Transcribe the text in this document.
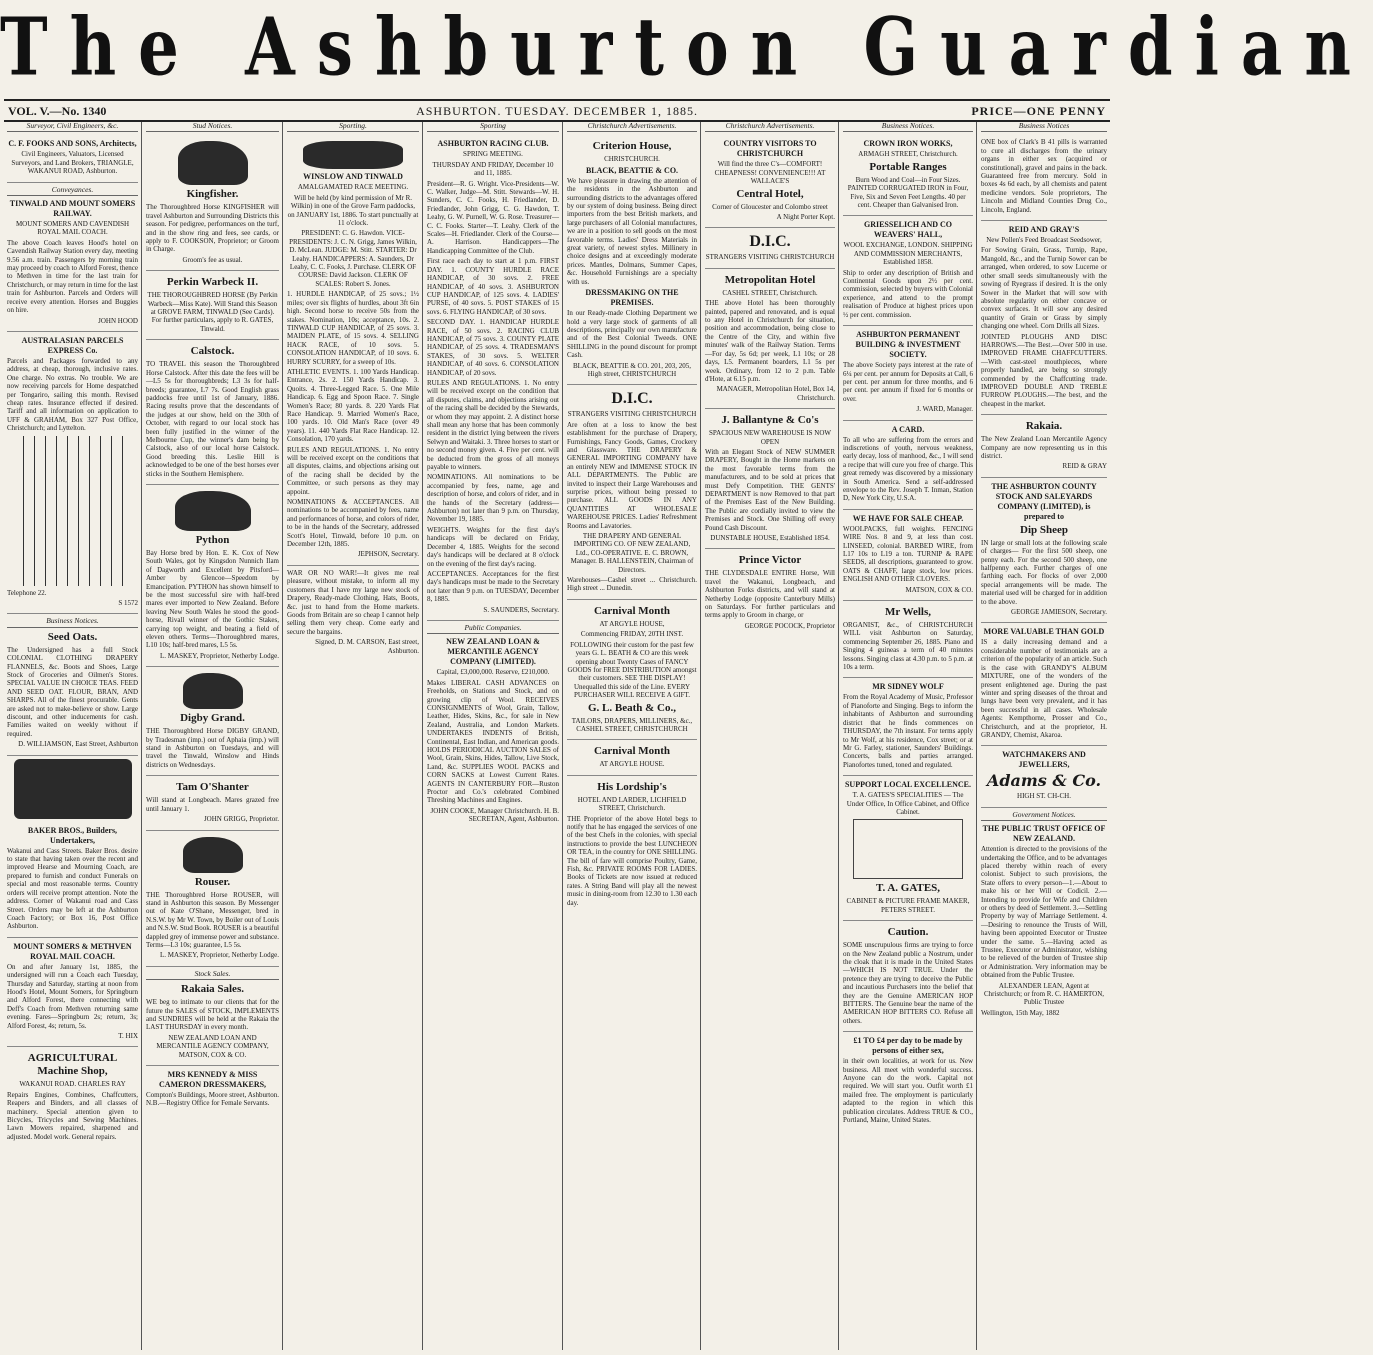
The Ashburton Guardian
ASHBURTON. TUESDAY. DECEMBER 1, 1885.
VOL. V.—No. 1340	PRICE—ONE PENNY
Surveyor, Civil Engineers, &c.
C. F. FOOKS AND SONS, Architects,

Civil Engineers, Valuators, Licensed Surveyors, and Land Brokers, TRIANGLE, WAKANUI ROAD, Ashburton.

Conveyances.
TINWALD AND MOUNT SOMERS RAILWAY.

MOUNT SOMERS AND CAVENDISH ROYAL MAIL COACH.

The above Coach leaves Hood's hotel on Cavendish Railway Station every day, meeting 9.56 a.m. train. Passengers by morning train may proceed by coach to Alford Forest, thence to Methven in time for the last train for Christchurch, or may return in time for the last train for Ashburton. Parcels and Orders will receive every attention. Horses and Buggies on hire.

JOHN HOOD

AUSTRALASIAN PARCELS EXPRESS Co.

Parcels and Packages forwarded to any address, at cheap, thorough, inclusive rates. One charge. No extras. No trouble. We are now receiving parcels for Home despatched per Tongariro, sailing this month. Revised cheap rates. Insurance effected if desired. Tariff and all information on application to UFF & GRAHAM, Box 327 Post Office, Christchurch; and Lyttelton.

Telephone 22.

S 1572

Business Notices.
Seed Oats.

The Undersigned has a full Stock COLONIAL CLOTHING DRAPERY FLANNELS, &c. Boots and Shoes, Large Stock of Groceries and Oilmen's Stores. SPECIAL VALUE IN CHOICE TEAS. FEED AND SEED OAT. FLOUR, BRAN, AND SHARPS. All of the finest procurable. Gents are asked not to make-believe or show. Large discount, and other inducements for cash. Families waited on weekly without if required.

D. WILLIAMSON, East Street, Ashburton

BAKER BROS., Builders, Undertakers,

Wakanui and Cass Streets. Baker Bros. desire to state that having taken over the recent and improved Hearse and Mourning Coach, are prepared to furnish and conduct Funerals on special and most reasonable terms. Country orders will receive prompt attention. Note the address. Corner of Wakanui road and Cass Street. Orders may be left at the Ashburton Coach Factory; or Box 16, Post Office Ashburton.

MOUNT SOMERS & METHVEN ROYAL MAIL COACH.

On and after January 1st, 1885, the undersigned will run a Coach each Tuesday, Thursday and Saturday, starting at noon from Hood's Hotel, Mount Somers, for Springburn and Alford Forest, there connecting with Deff's Coach from Methven returning same evening. Fares—Springburn 2s; return, 3s; Alford Forest, 4s; return, 5s.

T. HIX

AGRICULTURAL Machine Shop,

WAKANUI ROAD. CHARLES RAY

Repairs Engines, Combines, Chaffcutters, Reapers and Binders, and all classes of machinery. Special attention given to Bicycles, Tricycles and Sewing Machines. Lawn Mowers repaired, sharpened and adjusted. Model work. General repairs.

Stud Notices.
Kingfisher.

The Thoroughbred Horse KINGFISHER will travel Ashburton and Surrounding Districts this season. For pedigree, performances on the turf, and in the show ring and fees, see cards, or apply to F. COOKSON, Proprietor; or Groom in Charge.

Groom's fee as usual.

Perkin Warbeck II.

THE THOROUGHBRED HORSE (By Perkin Warbeck—Miss Kate). Will Stand this Season at GROVE FARM, TINWALD (See Cards). For further particulars, apply to R. GATES, Tinwald.

Calstock.

TO TRAVEL this season the Thoroughbred Horse Calstock. After this date the fees will be—L5 5s for thoroughbreds; L3 3s for half-breeds; guarantee, L7 7s. Good English grass paddocks free until 1st of January, 1886. Racing results prove that the descendants of the judges at our show, held on the 30th of October, with regard to our local stock has been fully justified in the winner of the Melbourne Cup, the winner's dam being by Calstock, also of our local horse Calstock. Good breeding this. Leslie Hill is acknowledged to be one of the best horses ever sticks in the Southern Hemisphere.

Python

Bay Horse bred by Hon. E. K. Cox of New South Wales, got by Kingsdon Nunnich Ilam of Dagworth and Excellent by Pitsford—Amber by Glencoe—Speedom by Emancipation. PYTHON has shown himself to be the most successful sire with half-bred mares ever imported to New Zealand. Before leaving New South Wales he stood the good-horse, Rivall winner of the Gothic Stakes, carrying top weight, and beating a field of eleven others. Terms—Thoroughbred mares, L10 10s; half-bred mares, L5 5s.

L. MASKEY, Proprietor, Netherby Lodge.

Digby Grand.

THE Thoroughbred Horse DIGBY GRAND, by Tradesman (imp.) out of Aphaia (imp.) will stand in Ashburton on Tuesdays, and will travel the Tinwald, Winslow and Hinds districts on Wednesdays.

Tam O'Shanter

Will stand at Longbeach. Mares grazed free until January 1.

JOHN GRIGG, Proprietor.

Rouser.

THE Thoroughbred Horse ROUSER, will stand in Ashburton this season. By Messenger out of Kate O'Shane, Messenger, bred in N.S.W. by Mr W. Town, by Boiler out of Louis and N.S.W. Stud Book. ROUSER is a beautiful dappled grey of immense power and substance. Terms—L3 10s; guarantee, L5 5s.

L. MASKEY, Proprietor, Netherby Lodge.

Stock Sales.
Rakaia Sales.

WE beg to intimate to our clients that for the future the SALES of STOCK, IMPLEMENTS and SUNDRIES will be held at the Rakaia the LAST THURSDAY in every month.

NEW ZEALAND LOAN AND MERCANTILE AGENCY COMPANY, MATSON, COX & CO.

MRS KENNEDY & MISS CAMERON DRESSMAKERS,

Compton's Buildings, Moore street, Ashburton. N.B.—Registry Office for Female Servants.

Sporting.
WINSLOW AND TINWALD

AMALGAMATED RACE MEETING.

Will be held (by kind permission of Mr R. Wilkin) in one of the Grove Farm paddocks, on JANUARY 1st, 1886. To start punctually at 11 o'clock.

PRESIDENT: C. G. Hawdon. VICE-PRESIDENTS: J. C. N. Grigg, James Wilkin, D. McLean. JUDGE: M. Stitt. STARTER: Dr Leahy. HANDICAPPERS: A. Saunders, Dr Leahy, C. C. Fooks, J. Purchase. CLERK OF COURSE: David Jackson. CLERK OF SCALES: Robert S. Jones.

1. HURDLE HANDICAP, of 25 sovs.; 1½ miles; over six flights of hurdles, about 3ft 6in high. Second horse to receive 50s from the stakes. Nomination, 10s; acceptance, 10s. 2. TINWALD CUP HANDICAP, of 25 sovs. 3. MAIDEN PLATE, of 15 sovs. 4. SELLING HACK RACE, of 10 sovs. 5. CONSOLATION HANDICAP, of 10 sovs. 6. HURRY SCURRY, for a sweep of 10s.

ATHLETIC EVENTS. 1. 100 Yards Handicap. Entrance, 2s. 2. 150 Yards Handicap. 3. Quoits. 4. Three-Legged Race. 5. One Mile Handicap. 6. Egg and Spoon Race. 7. Single Women's Race; 80 yards. 8. 220 Yards Flat Race Handicap. 9. Married Women's Race, 100 yards. 10. Old Man's Race (over 49 years). 11. 440 Yards Flat Race Handicap. 12. Consolation, 170 yards.

RULES AND REGULATIONS. 1. No entry will be received except on the conditions that all disputes, claims, and objections arising out of the racing shall be decided by the Committee, or such persons as they may appoint.

NOMINATIONS & ACCEPTANCES. All nominations to be accompanied by fees, name and performances of horse, and colors of rider, to be in the hands of the Secretary, addressed Scott's Hotel, Tinwald, before 10 p.m. on December 12th, 1885.

JEPHSON, Secretary.

WAR OR NO WAR!—It gives me real pleasure, without mistake, to inform all my customers that I have my large new stock of Drapery, Ready-made Clothing, Hats, Boots, &c. just to hand from the Home markets. Goods from Britain are so cheap I cannot help selling them very cheap. Come early and secure the bargains.

Signed, D. M. CARSON, East street, Ashburton.

Sporting
ASHBURTON RACING CLUB.

SPRING MEETING.

THURSDAY AND FRIDAY, December 10 and 11, 1885.

President—R. G. Wright. Vice-Presidents—W. C. Walker, Judge—M. Stitt. Stewards—W. H. Sunders, C. C. Fooks, H. Friedlander, D. Friedlander, John Grigg, C. G. Hawdon, T. Leahy, G. W. Purnell, W. G. Rose. Treasurer—C. C. Fooks. Starter—T. Leahy. Clerk of the Scales—H. Friedlander. Clerk of the Course—A. Harrison. Handicappers—The Handicapping Committee of the Club.

First race each day to start at 1 p.m. FIRST DAY. 1. COUNTY HURDLE RACE HANDICAP, of 30 sovs. 2. FREE HANDICAP, of 40 sovs. 3. ASHBURTON CUP HANDICAP, of 125 sovs. 4. LADIES' PURSE, of 40 sovs. 5. POST STAKES of 15 sovs. 6. FLYING HANDICAP, of 30 sovs.

SECOND DAY. 1. HANDICAP HURDLE RACE, of 50 sovs. 2. RACING CLUB HANDICAP, of 75 sovs. 3. COUNTY PLATE HANDICAP, of 25 sovs. 4. TRADESMAN'S STAKES, of 30 sovs. 5. WELTER HANDICAP, of 40 sovs. 6. CONSOLATION HANDICAP, of 20 sovs.

RULES AND REGULATIONS. 1. No entry will be received except on the condition that all disputes, claims, and objections arising out of the racing shall be decided by the Stewards, or whom they may appoint. 2. A distinct horse shall mean any horse that has been commonly resident in the district lying between the rivers Selwyn and Waitaki. 3. Three horses to start or no second money given. 4. Five per cent. will be deducted from the gross of all moneys payable to winners.

NOMINATIONS. All nominations to be accompanied by fees, name, age and description of horse, and colors of rider, and in the hands of the Secretary (address—Ashburton) not later than 9 p.m. on Thursday, November 19, 1885.

WEIGHTS. Weights for the first day's handicaps will be declared on Friday, December 4, 1885. Weights for the second day's handicaps will be declared at 8 o'clock on the evening of the first day's racing.

ACCEPTANCES. Acceptances for the first day's handicaps must be made to the Secretary not later than 9 p.m. on TUESDAY, December 8, 1885.

S. SAUNDERS, Secretary.

Public Companies.
NEW ZEALAND LOAN & MERCANTILE AGENCY COMPANY (LIMITED).

Capital, £3,000,000. Reserve, £210,000.

Makes LIBERAL CASH ADVANCES on Freeholds, on Stations and Stock, and on growing clip of Wool. RECEIVES CONSIGNMENTS of Wool, Grain, Tallow, Leather, Hides, Skins, &c., for sale in New Zealand, Australia, and London Markets. UNDERTAKES INDENTS of British, Continental, East Indian, and American goods. HOLDS PERIODICAL AUCTION SALES of Wool, Grain, Skins, Hides, Tallow, Live Stock, Land, &c. SUPPLIES WOOL PACKS and CORN SACKS at Lowest Current Rates. AGENTS IN CANTERBURY FOR—Ruston Proctor and Co.'s celebrated Combined Threshing Machines and Engines.

JOHN COOKE, Manager Christchurch. H. B. SECRETAN, Agent, Ashburton.

Christchurch Advertisements.
Criterion House,

CHRISTCHURCH.

BLACK, BEATTIE & CO.

We have pleasure in drawing the attention of the residents in the Ashburton and surrounding districts to the advantages offered by our system of doing business. Being direct importers from the best British markets, and large purchasers of all Colonial manufactures, we are in a position to sell goods on the most favorable terms. Ladies' Dress Materials in great variety, of newest styles. Millinery in choice designs and at exceedingly moderate prices. Mantles, Dolmans, Summer Capes, &c. Household Furnishings are a specialty with us.

DRESSMAKING ON THE PREMISES.

In our Ready-made Clothing Department we hold a very large stock of garments of all descriptions, principally our own manufacture and of the Best Colonial Tweeds. ONE SHILLING in the pound discount for prompt Cash.

BLACK, BEATTIE & CO. 201, 203, 205, High street, CHRISTCHURCH

D.I.C.

STRANGERS VISITING CHRISTCHURCH

Are often at a loss to know the best establishment for the purchase of Drapery, Furnishings, Fancy Goods, Games, Crockery and Glassware. THE DRAPERY & GENERAL IMPORTING COMPANY have an entirely NEW and IMMENSE STOCK IN ALL DEPARTMENTS. The Public are invited to inspect their Large Warehouses and surprise prices, without being pressed to purchase. ALL GOODS IN ANY QUANTITIES AT WHOLESALE WAREHOUSE PRICES. Ladies' Refreshment Rooms and Lavatories.

THE DRAPERY AND GENERAL IMPORTING CO. OF NEW ZEALAND, Ltd., CO-OPERATIVE. E. C. BROWN, Manager. B. HALLENSTEIN, Chairman of Directors.

Warehouses—Cashel street ... Christchurch. High street ... Dunedin.

Carnival Month

AT ARGYLE HOUSE,

Commencing FRIDAY, 20TH INST.

FOLLOWING their custom for the past few years G. L. BEATH & CO are this week opening about Twenty Cases of FANCY GOODS for FREE DISTRIBUTION amongst their customers. SEE THE DISPLAY! Unequalled this side of the Line. EVERY PURCHASER WILL RECEIVE A GIFT.

G. L. Beath & Co.,

TAILORS, DRAPERS, MILLINERS, &c., CASHEL STREET, CHRISTCHURCH

Carnival Month

AT ARGYLE HOUSE.

His Lordship's

HOTEL AND LARDER, LICHFIELD STREET, Christchurch.

THE Proprietor of the above Hotel begs to notify that he has engaged the services of one of the best Chefs in the colonies, with special instructions to provide the best LUNCHEON OR TEA, in the country for ONE SHILLING. The bill of fare will comprise Poultry, Game, Fish, &c. PRIVATE ROOMS FOR LADIES. Books of Tickets are now issued at reduced rates. A String Band will play all the newest music in dining-room from 12.30 to 1.30 each day.

Christchurch Advertisements.
COUNTRY VISITORS TO CHRISTCHURCH

Will find the three C's—COMFORT! CHEAPNESS! CONVENIENCE!!! AT WALLACE'S

Central Hotel,

Corner of Gloucester and Colombo street

A Night Porter Kept.

D.I.C.

STRANGERS VISITING CHRISTCHURCH

Metropolitan Hotel

CASHEL STREET, Christchurch.

THE above Hotel has been thoroughly painted, papered and renovated, and is equal to any Hotel in Christchurch for situation, position and accommodation, being close to the Centre of the City, and within five minutes' walk of the Railway Station. Terms—For day, 5s 6d; per week, L1 10s; or 28 days, L5. Permanent boarders, L1 5s per week. Ordinary, from 12 to 2 p.m. Table d'Hote, at 6.15 p.m.

MANAGER, Metropolitan Hotel, Box 14, Christchurch.

J. Ballantyne & Co's

SPACIOUS NEW WAREHOUSE IS NOW OPEN

With an Elegant Stock of NEW SUMMER DRAPERY, Bought in the Home markets on the most favorable terms from the manufacturers, and to be sold at prices that must Defy Competition. THE GENTS' DEPARTMENT is now Removed to that part of the Premises East of the New Building. The Public are cordially invited to view the Premises and Stock. One Shilling off every Pound Cash Discount.

DUNSTABLE HOUSE, Established 1854.

Prince Victor

THE CLYDESDALE ENTIRE Horse, Will travel the Wakanui, Longbeach, and Ashburton Forks districts, and will stand at Netherby Lodge (opposite Canterbury Mills) on Saturdays. For further particulars and terms apply to Groom in charge, or

GEORGE POCOCK, Proprietor

Business Notices.
CROWN IRON WORKS,

ARMAGH STREET, Christchurch.

Portable Ranges

Burn Wood and Coal—in Four Sizes. PAINTED CORRUGATED IRON in Four, Five, Six and Seven Feet Lengths. 40 per cent. Cheaper than Galvanised Iron.

GRIESSELICH AND CO WEAVERS' HALL,

WOOL EXCHANGE, LONDON. SHIPPING AND COMMISSION MERCHANTS, Established 1858.

Ship to order any description of British and Continental Goods upon 2½ per cent. commission, selected by buyers with Colonial experience, and attend to the prompt realisation of Produce at highest prices upon ½ per cent. commission.

ASHBURTON PERMANENT BUILDING & INVESTMENT SOCIETY.

The above Society pays interest at the rate of 6¼ per cent. per annum for Deposits at Call, 6 per cent. per annum for three months, and 6 per cent. per annum if fixed for 6 months or over.

J. WARD, Manager.

A CARD.

To all who are suffering from the errors and indiscretions of youth, nervous weakness, early decay, loss of manhood, &c., I will send a recipe that will cure you free of charge. This great remedy was discovered by a missionary in South America. Send a self-addressed envelope to the Rev. Joseph T. Inman, Station D, New York City, U.S.A.

WE HAVE FOR SALE CHEAP.

WOOLPACKS, full weights. FENCING WIRE Nos. 8 and 9, at less than cost. LINSEED, colonial. BARBED WIRE, from L17 10s to L19 a ton. TURNIP & RAPE SEEDS, all descriptions, guaranteed to grow. OATS & CHAFF, large stock, low prices. ENGLISH AND OTHER CLOVERS.

MATSON, COX & CO.

Mr Wells,

ORGANIST, &c., of CHRISTCHURCH WILL visit Ashburton on Saturday, commencing September 26, 1885. Piano and Singing 4 guineas a term of 40 minutes lessons. Singing class at 4.30 p.m. to 5 p.m. at 10s a term.

MR SIDNEY WOLF

From the Royal Academy of Music, Professor of Pianoforte and Singing. Begs to inform the inhabitants of Ashburton and surrounding district that he finds commences on THURSDAY, the 7th instant. For terms apply to Mr Wolf, at his residence, Cox street; or at Mr G. Farley, stationer, Saunders' Buildings. Concerts, balls and parties arranged. Pianofortes tuned, toned and regulated.

SUPPORT LOCAL EXCELLENCE.

T. A. GATES'S SPECIALITIES — The Under Office, In Office Cabinet, and Office Cabinet.

T. A. GATES,

CABINET & PICTURE FRAME MAKER, PETERS STREET.

Caution.

SOME unscrupulous firms are trying to force on the New Zealand public a Nostrum, under the cloak that it is made in the United States—WHICH IS NOT TRUE. Under the pretence they are trying to deceive the Public and incautious Purchasers into the belief that they are the Genuine AMERICAN HOP BITTERS. The Genuine bear the name of the AMERICAN HOP BITTERS CO. Refuse all others.

£1 TO £4 per day to be made by persons of either sex,

in their own localities, at work for us. New business. All meet with wonderful success. Anyone can do the work. Capital not required. We will start you. Outfit worth £1 mailed free. The employment is particularly adapted to the region in which this publication circulates. Address TRUE & CO., Portland, Maine, United States.

Business Notices

ONE box of Clark's B 41 pills is warranted to cure all discharges from the urinary organs in either sex (acquired or constitutional), gravel and pains in the back. Guaranteed free from mercury. Sold in boxes 4s 6d each, by all chemists and patent medicine vendors. Sole proprietors, The Lincoln and Midland Counties Drug Co., Lincoln, England.

REID AND GRAY'S

New Pollen's Feed Broadcast Seedsower,

For Sowing Grain, Grass, Turnip, Rape, Mangold, &c., and the Turnip Sower can be arranged, when ordered, to sow Lucerne or other small seeds simultaneously with the sowing of Ryegrass if desired. It is the only Sower in the Market that will sow with absolute regularity on either concave or convex surfaces. It will sow any desired quantity of Grain or Grass by simply changing one wheel. Corn Drills all Sizes.

JOINTED PLOUGHS AND DISC HARROWS.—The Best.—Over 500 in use. IMPROVED FRAME CHAFFCUTTERS.—With cast-steel mouthpieces, where properly handled, are being so strongly commended by the Chaffcutting trade. IMPROVED DOUBLE AND TREBLE FURROW PLOUGHS.—The best, and the cheapest in the market.

Rakaia.

The New Zealand Loan Mercantile Agency Company are now representing us in this district.

REID & GRAY

THE ASHBURTON COUNTY STOCK AND SALEYARDS COMPANY (LIMITED), is prepared to
Dip Sheep

IN large or small lots at the following scale of charges— For the first 500 sheep, one penny each. For the second 500 sheep, one halfpenny each. Further charges of one farthing each. For flocks of over 2,000 special arrangements will be made. The material used will be charged for in addition to the above.

GEORGE JAMIESON, Secretary.

MORE VALUABLE THAN GOLD

IS a daily increasing demand and a considerable number of testimonials are a criterion of the popularity of an article. Such is the case with GRANDY'S ALBUM MIXTURE, one of the wonders of the present enlightened age. During the past winter and spring diseases of the throat and lungs have been very prevalent, and it has been successful in all cases. Wholesale Agents: Kempthorne, Prosser and Co., Christchurch, and at the proprietor, H. GRANDY, Chemist, Akaroa.

WATCHMAKERS AND JEWELLERS,
Adams & Co.

HIGH ST. CH-CH.

Government Notices.
THE PUBLIC TRUST OFFICE OF NEW ZEALAND.

Attention is directed to the provisions of the undertaking the Office, and to be advantages placed thereby within reach of every colonist. Subject to such provisions, the State offers to every person—1.—About to make his or her Will or Codicil. 2.—Intending to provide for Wife and Children or others by deed of Settlement. 3.—Settling Property by way of Marriage Settlement. 4.—Desiring to renounce the Trusts of Will, having been appointed Executor or Trustee under the same. 5.—Having acted as Trustee, Executor or Administrator, wishing to be relieved of the burden of Trustee ship or Administration. Very information may be obtained from the Public Trustee.

ALEXANDER LEAN, Agent at Christchurch; or from R. C. HAMERTON, Public Trustee

Wellington, 15th May, 1882
